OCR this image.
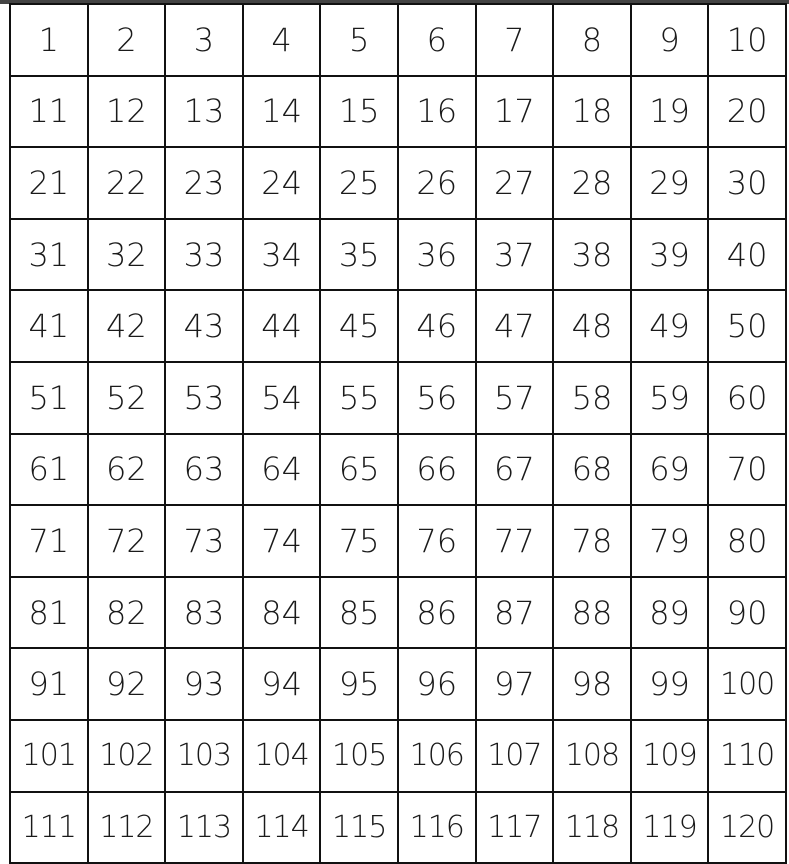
1	2	3	4	5	6	7	8	9	10
11	12	13	14	15	16	17	18	19	20
21	22	23	24	25	26	27	28	29	30
31	32	33	34	35	36	37	38	39	40
41	42	43	44	45	46	47	48	49	50
51	52	53	54	55	56	57	58	59	60
61	62	63	64	65	66	67	68	69	70
71	72	73	74	75	76	77	78	79	80
81	82	83	84	85	86	87	88	89	90
91	92	93	94	95	96	97	98	99	100
101	102	103	104	105	106	107	108	109	110
111	112	113	114	115	116	117	118	119	120
